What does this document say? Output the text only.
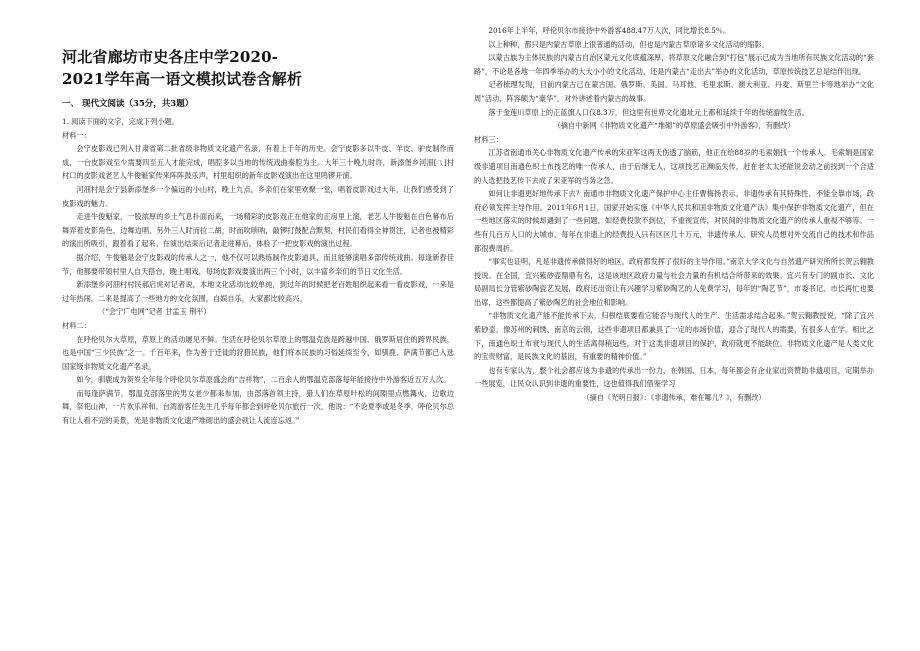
河北省廊坊市史各庄中学2020-
2021学年高一语文模拟试卷含解析
一、 现代文阅读（35分，共3题）

1. 阅读下面的文字，完成下列小题。

材料一：

会宁皮影戏已列入甘肃省第二批省级非物质文化遗产名录，有着上千年的历史。会宁皮影多以牛皮、羊皮、驴皮制作而成，一台皮影戏至少需要四至五人才能完成，唱腔多以当地的传统戏曲秦腔为主。大年三十晚九时许，新添堡乡河沺[ㄟ]村村口的皮影戏老艺人牛俊魁家传来阵阵鼓乐声，村里组织的新年皮影戏演出在这里鸣锣开演。

河沺村是会宁县新添堡乡一个偏远的小山村，晚上九点，乡亲们在家里欢聚一堂，唱着皮影戏过大年，让我们感受到了皮影戏的魅力。

走进牛俊魁家，一股浓厚的乡土气息扑面而来，一场精彩的皮影戏正在他家的正房里上演，老艺人牛俊魁在白色幕布后舞弄着皮影角色，边舞边唱，另外三人时而拉二胡，时而吹唢呐，敲锣打鼓配合默契，村民们看得全神贯注，记者也被精彩的演出所吸引，跟着看了起来。在演出结束后记者走进幕后，体验了一把皮影戏的演出过程。

据介绍，牛俊魁是会宁皮影戏的传承人之一，他不仅可以熟练制作皮影道具，而且能够演唱多部传统戏曲。每逢新春佳节，他都要带领村里人自天搭台，晚上唱戏，每场皮影戏要演出两三个小时，以丰富乡亲们的节日文化生活。

新添堡乡河沺村村民郝启虎对记者说，本地文化活动比较单纯，到过年的时候把老百姓组织起来看一看皮影戏，一来是过年热闹，二来是提高了一些地方的文化氛围，自娱自乐，大家都比较高兴。

（“会宁广电网”记者 甘孟玉 荆平）

材料二：

在呼伦贝尔大草原，草原上的活动屡见不鲜。生活在呼伦贝尔草原上的鄂温克族是跨越中国、俄罗斯居住的跨界民族，也是中国“三少民族”之一。千百年来，作为善于迁徙的狩猎民族，他们将本民族的习俗延续至今，如驯鹿、萨满节都已入选国家级非物质文化遗产名录。

如今，驯鹿成为贺岁全年每个呼伦贝尔草原盛会的“吉祥物”，二百余人的鄂温克部落每年能接待中外游客近五万人次。

而每逢萨满节，鄂温克部落里的男女老少都来参加，由部落首领主持，猎人们在草原叶松的间隙里点燃篝火，边歌边舞，祭祀山神，一片欢乐祥和。台湾游客任先生几乎每年都会到呼伦贝尔旅行一次，他说：“不论夏季或是冬季，呼伦贝尔总有让人看不完的美景，光是非物质文化遗产堆砌出的盛会就让人流连忘返。”

2016年上半年，呼伦贝尔市接待中外游客488.47万人次，同比增长8.5％。

以上种种，都只是内蒙古草原上很普通的活动，但也是内蒙古草原诸多文化活动的缩影。

以蒙古族为主体民族的内蒙古自治区蒙元文化底蕴深厚，将草原文化融合到“打包”展示已成为当地所有民族文化活动的“套路”，不论是各地一年四季举办的大大小小的文化活动，还是内蒙古“走出去”举办的文化活动，草原传统技艺总是结伴出现。

记者梳理发现，目前内蒙古已在蒙古国、俄罗斯、美国、马耳他、毛里求斯、澳大利亚、丹麦、斯里兰卡等地举办“文化周”活动，阵容颇为“豪华”，对外讲述着内蒙古的故事。

落于金莲川草原上的正蓝旗人口仅8.3万，但这里有世界文化遗址元上都和延续千年的传统游牧生活。

（摘自中新网《非物质文化遗产“堆砌”的草原盛会吸引中外游客》，有删改）

材料三：

江苏省南通市关心非物质文化遗产传承的宋亚军这两天伤透了脑筋，他正在给88岁的毛索娟找一个传承人。毛索娟是国家级非遗项目南通色织土布技艺的唯一传承人，由于后继无人，这项技艺正濒临失传，赶在老太太还能说会动之前找到一个合适的人选把技艺传下去成了宋亚军的当务之急。

如何让非遗更好地传承下去？南通市非物质文化遗产保护中心主任曹梅扬表示，非遗传承有其特殊性，不能全靠市场，政府必须发挥主导作用。2011年6月1日，国家开始实施《中华人民共和国非物质文化遗产法》集中保护非物质文化遗产，但在一些地区落实的时候却遇到了一些问题，如经费投款不到位，不重视宣传，对民间的非物质文化遗产的传承人重视不够等。一些有几百万人口的大城市，每年在非遗上的经费投入只有区区几十万元，非遗传承人、研究人员想对外交流自己的技术和作品都很费周折。

“事实也证明，凡是非遗传承做得好的地区，政府都发挥了很好的主导作用。”南京大学文化与自然遗产研究所所长贺云翱教授说。在全国，宜兴紫砂壶鼎鼎有名，这是该地区政府力量与社会力量的有机结合所带来的效果。宜兴有专门的副市长、文化局副局长分管紫砂陶瓷艺发展，政府还出资让有兴趣学习紫砂陶艺的人免费学习，每年的“陶艺节”，市委书记、市长再忙也要出席，这些都提高了紫砂陶艺的社会地位和影响。

“非物质文化遗产能不能传承下去，归根结底要看它能否与现代人的生产、生活需求结合起来。”贺云翱教授说，“除了宜兴紫砂壶，像苏州的刺绣、南京的云锦，这些非遗项目都兼具了一定的市场价值，迎合了现代人的需要，有很多人在学。相比之下，南通色织土布衰与现代人的生活离得稍远些，对于这类非遗项目的保护，政府就更不能缺位。非物质文化遗产是人类文化的宝贵财富，是民族文化的基因，有重要的精神价值。”

也有专家认为，整个社会都应该为非遗的传承出一份力，在韩国、日本，每年都会有企业家出资赞助非遗项目，定期举办一些展览，让民众认识到非遗的重要性，这也值得我们借鉴学习

（摘自《光明日报》：《非遗传承，难在哪儿？》，有删改）
